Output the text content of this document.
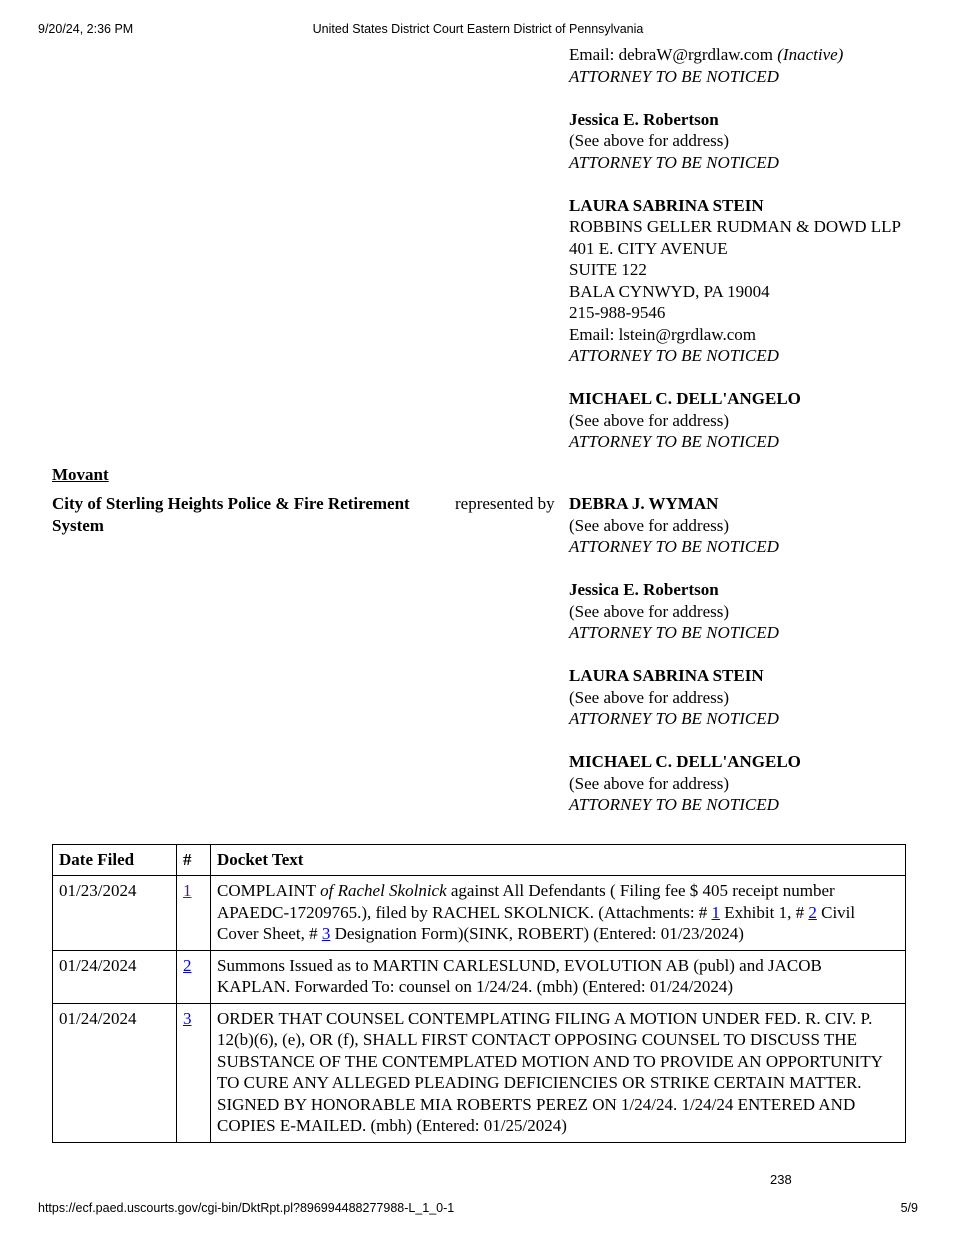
9/20/24, 2:36 PM	United States District Court Eastern District of Pennsylvania
Email: debraW@rgrdlaw.com (Inactive)
ATTORNEY TO BE NOTICED
Jessica E. Robertson
(See above for address)
ATTORNEY TO BE NOTICED
LAURA SABRINA STEIN
ROBBINS GELLER RUDMAN & DOWD LLP
401 E. CITY AVENUE
SUITE 122
BALA CYNWYD, PA 19004
215-988-9546
Email: lstein@rgrdlaw.com
ATTORNEY TO BE NOTICED
MICHAEL C. DELL'ANGELO
(See above for address)
ATTORNEY TO BE NOTICED
Movant
City of Sterling Heights Police & Fire Retirement System
represented by DEBRA J. WYMAN
(See above for address)
ATTORNEY TO BE NOTICED
Jessica E. Robertson
(See above for address)
ATTORNEY TO BE NOTICED
LAURA SABRINA STEIN
(See above for address)
ATTORNEY TO BE NOTICED
MICHAEL C. DELL'ANGELO
(See above for address)
ATTORNEY TO BE NOTICED
Date Filed	#	Docket Text
01/23/2024	1	COMPLAINT of Rachel Skolnick against All Defendants ( Filing fee $ 405 receipt number APAEDC-17209765.), filed by RACHEL SKOLNICK. (Attachments: # 1 Exhibit 1, # 2 Civil Cover Sheet, # 3 Designation Form)(SINK, ROBERT) (Entered: 01/23/2024)
01/24/2024	2	Summons Issued as to MARTIN CARLESLUND, EVOLUTION AB (publ) and JACOB KAPLAN. Forwarded To: counsel on 1/24/24. (mbh) (Entered: 01/24/2024)
01/24/2024	3	ORDER THAT COUNSEL CONTEMPLATING FILING A MOTION UNDER FED. R. CIV. P. 12(b)(6), (e), OR (f), SHALL FIRST CONTACT OPPOSING COUNSEL TO DISCUSS THE SUBSTANCE OF THE CONTEMPLATED MOTION AND TO PROVIDE AN OPPORTUNITY TO CURE ANY ALLEGED PLEADING DEFICIENCIES OR STRIKE CERTAIN MATTER. SIGNED BY HONORABLE MIA ROBERTS PEREZ ON 1/24/24. 1/24/24 ENTERED AND COPIES E-MAILED. (mbh) (Entered: 01/25/2024)
238
https://ecf.paed.uscourts.gov/cgi-bin/DktRpt.pl?896994488277988-L_1_0-1	5/9
